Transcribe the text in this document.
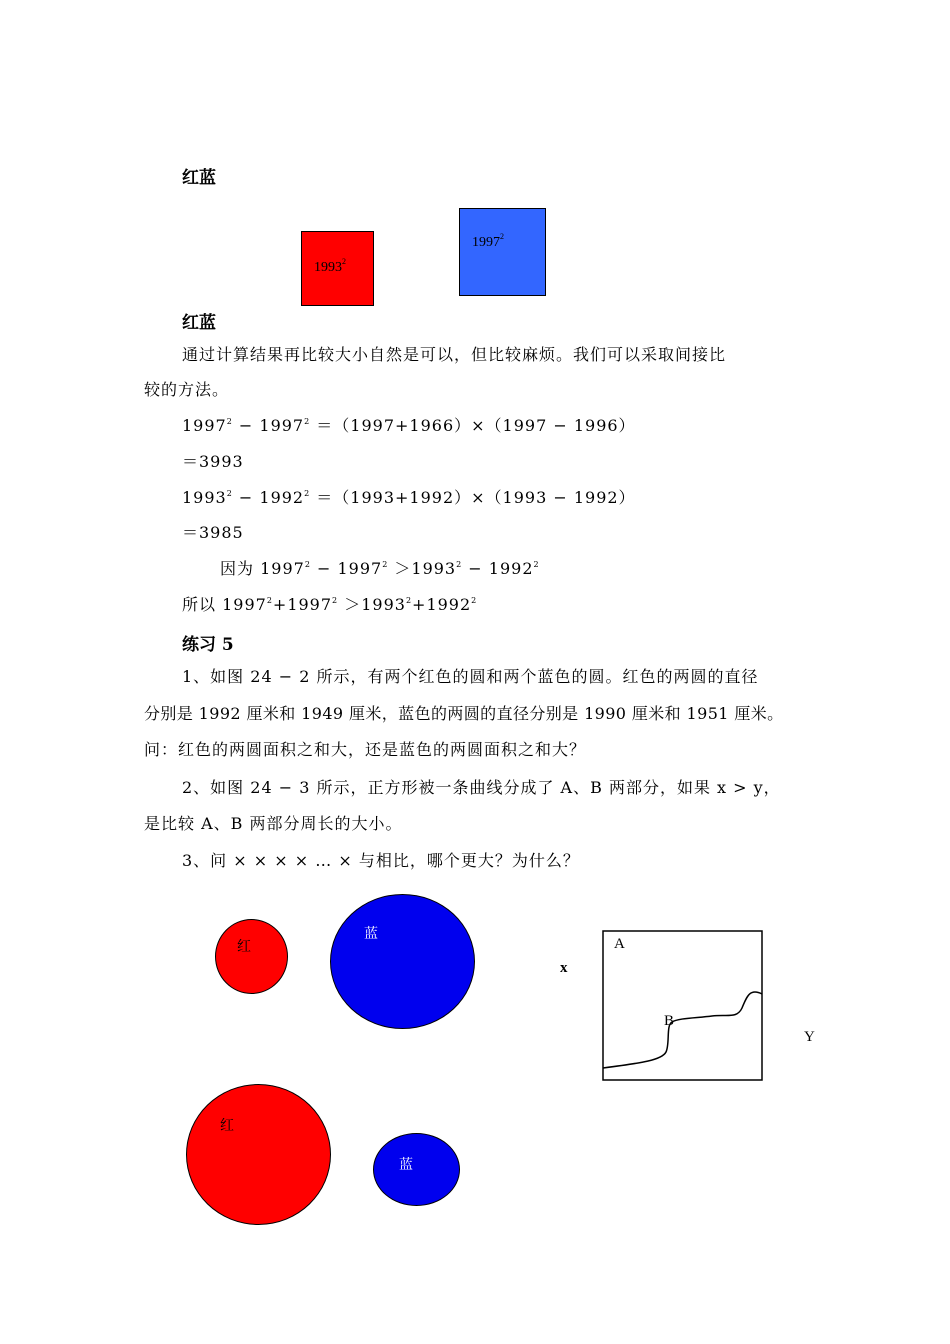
红蓝
1993$^2$
1997$^2$
红蓝
通过计算结果再比较大小自然是可以，但比较麻烦。我们可以采取间接比
较的方法。
$1997^2 - 1997^2 =(1997+1966)\times(1997 - 1996)$
＝3993
$1993^2 - 1992^2 =(1993+1992)\times(1993 - 1992)$
＝3985
因为 $1997^2 - 1997^2 >1993^2 - 1992^2$
所以 $1997^2+1997^2 >1993^2+1992^2$
练习 5
1、如图 24 − 2 所示，有两个红色的圆和两个蓝色的圆。红色的两圆的直径
分别是 1992 厘米和 1949 厘米，蓝色的两圆的直径分别是 1990 厘米和 1951 厘米。
问：红色的两圆面积之和大，还是蓝色的两圆面积之和大？
2、如图 24 − 3 所示，正方形被一条曲线分成了 A、B 两部分，如果 x > y，
是比较 A、B 两部分周长的大小。
3、问 × × × × … × 与相比，哪个更大？为什么？
红
蓝
红
蓝
x
A
B
Y
